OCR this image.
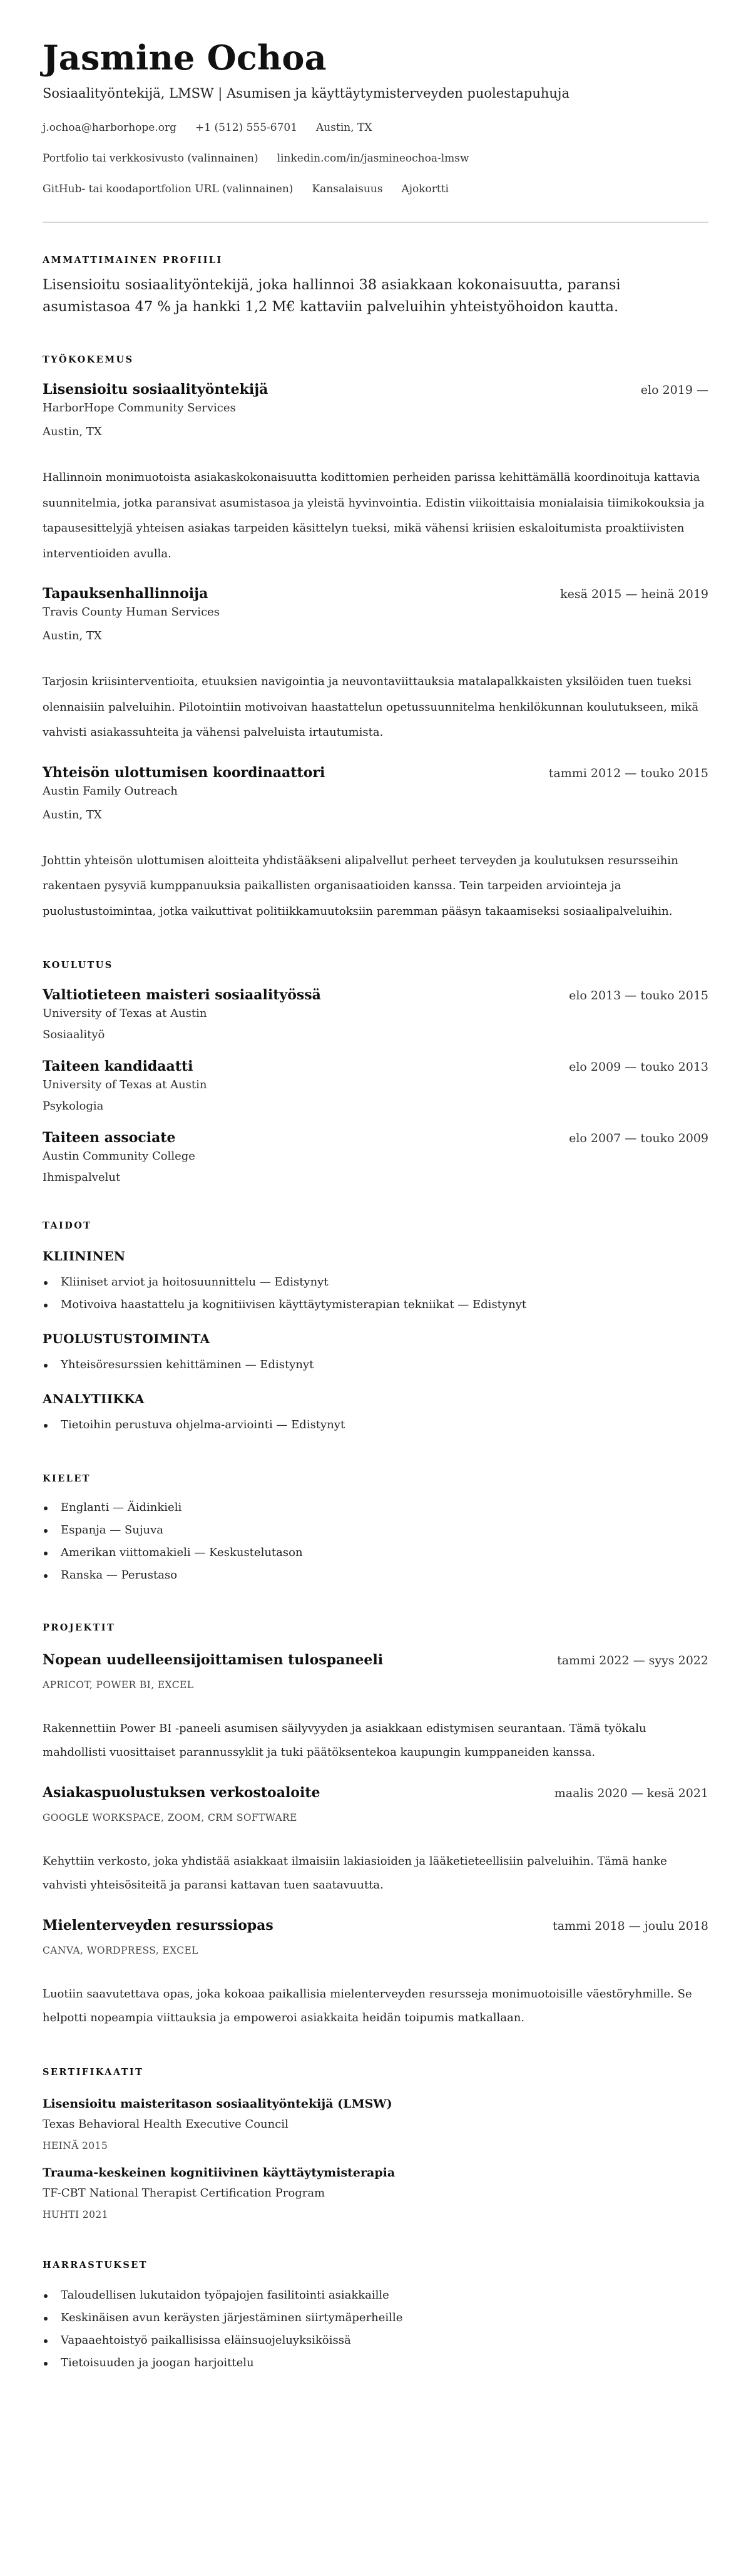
Jasmine Ochoa
Sosiaalityöntekijä, LMSW | Asumisen ja käyttäytymisterveyden puolestapuhuja
j.ochoa@harborhope.org +1 (512) 555-6701 Austin, TX
Portfolio tai verkkosivusto (valinnainen) linkedin.com/in/jasmineochoa-lmsw
GitHub- tai koodaportfolion URL (valinnainen) Kansalaisuus Ajokortti
AMMATTIMAINEN PROFIILI

Lisensioitu sosiaalityöntekijä, joka hallinnoi 38 asiakkaan kokonaisuutta, paransi asumistasoa 47 % ja hankki 1,2 M€ kattaviin palveluihin yhteistyöhoidon kautta.

TYÖKOKEMUS
Lisensioitu sosiaalityöntekijä	elo 2019 —
HarborHope Community Services
Austin, TX

Hallinnoin monimuotoista asiakaskokonaisuutta kodittomien perheiden parissa kehittämällä koordinoituja kattavia suunnitelmia, jotka paransivat asumistasoa ja yleistä hyvinvointia. Edistin viikoittaisia monialaisia tiimikokouksia ja tapausesittelyjä yhteisen asiakas tarpeiden käsittelyn tueksi, mikä vähensi kriisien eskaloitumista proaktiivisten interventioiden avulla.

Tapauksenhallinnoija	kesä 2015 — heinä 2019
Travis County Human Services
Austin, TX

Tarjosin kriisinterventioita, etuuksien navigointia ja neuvontaviittauksia matalapalkkaisten yksilöiden tuen tueksi olennaisiin palveluihin. Pilotointiin motivoivan haastattelun opetussuunnitelma henkilökunnan koulutukseen, mikä vahvisti asiakassuhteita ja vähensi palveluista irtautumista.

Yhteisön ulottumisen koordinaattori	tammi 2012 — touko 2015
Austin Family Outreach
Austin, TX

Johttin yhteisön ulottumisen aloitteita yhdistääkseni alipalvellut perheet terveyden ja koulutuksen resursseihin rakentaen pysyviä kumppanuuksia paikallisten organisaatioiden kanssa. Tein tarpeiden arviointeja ja puolustustoimintaa, jotka vaikuttivat politiikkamuutoksiin paremman pääsyn takaamiseksi sosiaalipalveluihin.

KOULUTUS
Valtiotieteen maisteri sosiaalityössä	elo 2013 — touko 2015
University of Texas at Austin
Sosiaalityö
Taiteen kandidaatti	elo 2009 — touko 2013
University of Texas at Austin
Psykologia
Taiteen associate	elo 2007 — touko 2009
Austin Community College
Ihmispalvelut
TAIDOT
KLIININEN
Kliiniset arviot ja hoitosuunnittelu — Edistynyt
Motivoiva haastattelu ja kognitiivisen käyttäytymisterapian tekniikat — Edistynyt
PUOLUSTUSTOIMINTA
Yhteisöresurssien kehittäminen — Edistynyt
ANALYTIIKKA
Tietoihin perustuva ohjelma-arviointi — Edistynyt
KIELET
Englanti — Äidinkieli
Espanja — Sujuva
Amerikan viittomakieli — Keskustelutason
Ranska — Perustaso
PROJEKTIT
Nopean uudelleensijoittamisen tulospaneeli	tammi 2022 — syys 2022
APRICOT, POWER BI, EXCEL

Rakennettiin Power BI -paneeli asumisen säilyvyyden ja asiakkaan edistymisen seurantaan. Tämä työkalu mahdollisti vuosittaiset parannussyklit ja tuki päätöksentekoa kaupungin kumppaneiden kanssa.

Asiakaspuolustuksen verkostoaloite	maalis 2020 — kesä 2021
GOOGLE WORKSPACE, ZOOM, CRM SOFTWARE

Kehyttiin verkosto, joka yhdistää asiakkaat ilmaisiin lakiasioiden ja lääketieteellisiin palveluihin. Tämä hanke vahvisti yhteisösiteitä ja paransi kattavan tuen saatavuutta.

Mielenterveyden resurssiopas	tammi 2018 — joulu 2018
CANVA, WORDPRESS, EXCEL

Luotiin saavutettava opas, joka kokoaa paikallisia mielenterveyden resursseja monimuotoisille väestöryhmille. Se helpotti nopeampia viittauksia ja empoweroi asiakkaita heidän toipumis matkallaan.

SERTIFIKAATIT
Lisensioitu maisteritason sosiaalityöntekijä (LMSW)
Texas Behavioral Health Executive Council
HEINÄ 2015
Trauma-keskeinen kognitiivinen käyttäytymisterapia
TF-CBT National Therapist Certification Program
HUHTI 2021
HARRASTUKSET
Taloudellisen lukutaidon työpajojen fasilitointi asiakkaille
Keskinäisen avun keräysten järjestäminen siirtymäperheille
Vapaaehtoistyö paikallisissa eläinsuojeluyksiköissä
Tietoisuuden ja joogan harjoittelu
